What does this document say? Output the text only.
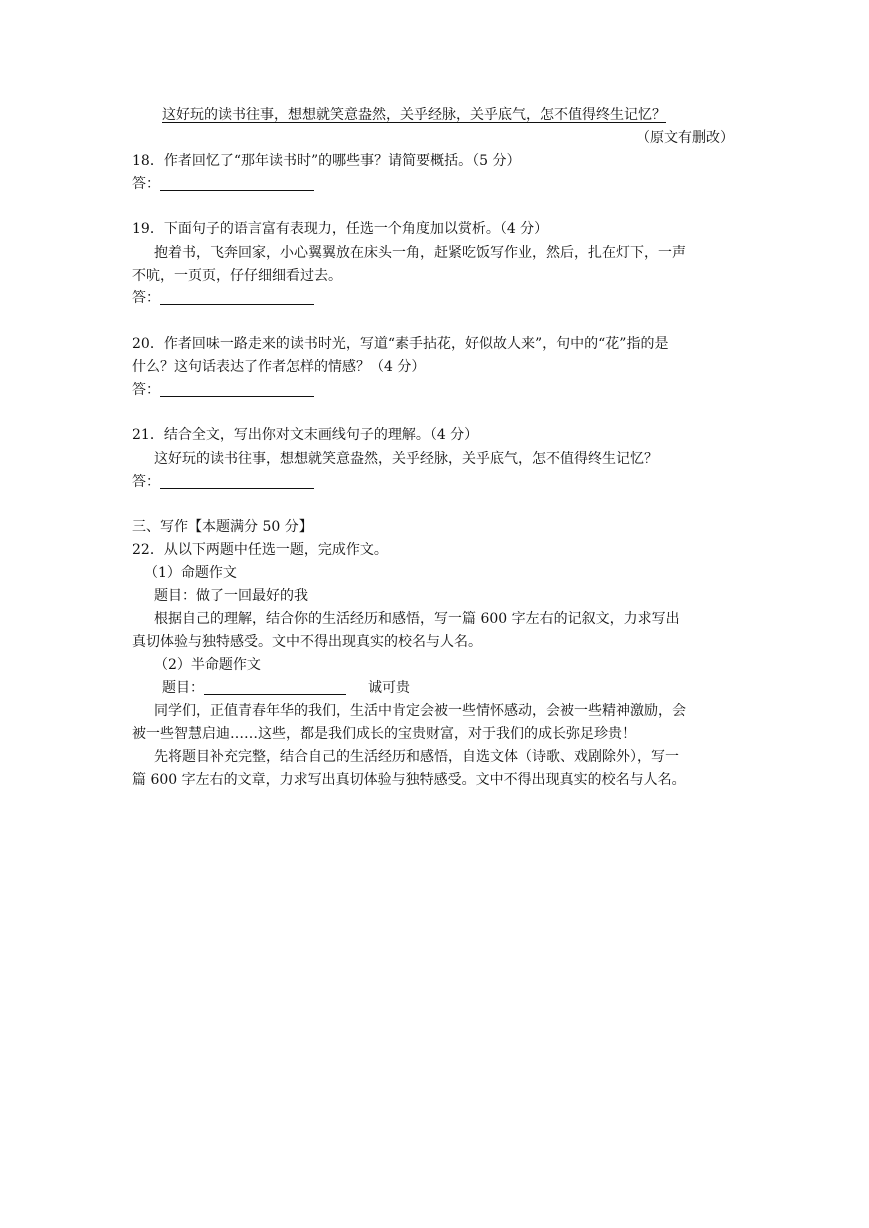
这好玩的读书往事，想想就笑意盎然，关乎经脉，关乎底气，怎不值得终生记忆？
（原文有删改）
18．作者回忆了“那年读书时”的哪些事？请简要概括。（5 分）
答：
19．下面句子的语言富有表现力，任选一个角度加以赏析。（4 分）
抱着书，飞奔回家，小心翼翼放在床头一角，赶紧吃饭写作业，然后，扎在灯下，一声
不吭，一页页，仔仔细细看过去。
答：
20．作者回味一路走来的读书时光，写道“素手拈花，好似故人来”，句中的“花”指的是
什么？这句话表达了作者怎样的情感？（4 分）
答：
21．结合全文，写出你对文末画线句子的理解。（4 分）
这好玩的读书往事，想想就笑意盎然，关乎经脉，关乎底气，怎不值得终生记忆？
答：
三、写作【本题满分 50 分】
22．从以下两题中任选一题，完成作文。
（1）命题作文
题目：做了一回最好的我
根据自己的理解，结合你的生活经历和感悟，写一篇 600 字左右的记叙文，力求写出
真切体验与独特感受。文中不得出现真实的校名与人名。
（2）半命题作文
题目：	诚可贵
同学们，正值青春年华的我们，生活中肯定会被一些情怀感动，会被一些精神激励，会
被一些智慧启迪……这些，都是我们成长的宝贵财富，对于我们的成长弥足珍贵！
先将题目补充完整，结合自己的生活经历和感悟，自选文体（诗歌、戏剧除外），写一
篇 600 字左右的文章，力求写出真切体验与独特感受。文中不得出现真实的校名与人名。
